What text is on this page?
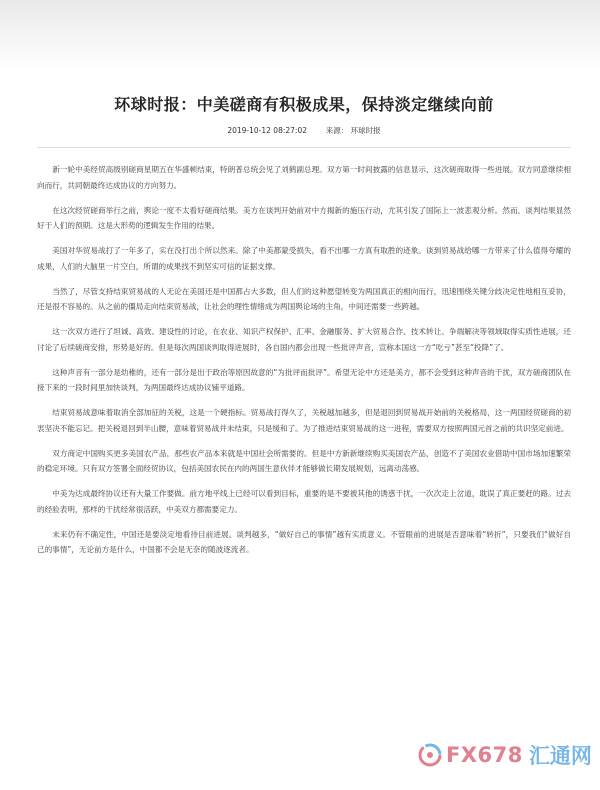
环球时报：中美磋商有积极成果，保持淡定继续向前
2019-10-12 08:27:02	来源： 环球时报

新一轮中美经贸高级别磋商星期五在华盛顿结束，特朗普总统会见了刘鹤副总理。双方第一时间披露的信息显示，这次磋商取得一些进展。双方同意继续相向而行，共同朝最终达成协议的方向努力。

在这次经贸磋商举行之前，舆论一度不太看好磋商结果。美方在谈判开始前对中方揭新的施压行动，尤其引发了国际上一波悲观分析。然而，谈判结果显然好于人们的预期。这是大形势的逻辑发生作用的结果。

美国对华贸易战打了一年多了，实在没打出个所以然来。除了中美都蒙受损失，看不出哪一方真有取胜的迹象。谈到贸易战给哪一方带来了什么值得夸耀的成果，人们的大脑里一片空白，所谓的成果找不到坚实可信的证据支撑。

当然了，尽管支持结束贸易战的人无论在美国还是中国都占大多数，但人们的这种愿望转变为两国真正的相向而行，迅速围绕关键分歧决定性地相互妥协，还是很不容易的。从之前的僵局走向结束贸易战，让社会的理性情绪成为两国舆论场的主角，中间还需要一些跨越。

这一次双方进行了坦诚、高效、建设性的讨论，在农业、知识产权保护、汇率、金融服务、扩大贸易合作、技术转让、争端解决等领域取得实质性进展，还讨论了后续磋商安排，形势是好的。但是每次两国谈判取得进展时，各自国内都会出现一些批评声音，宣称本国这一方“吃亏”甚至“投降”了。

这种声音有一部分是幼稚的，还有一部分是出于政治等原因故意的“为批评而批评”。希望无论中方还是美方，都不会受到这种声音的干扰，双方磋商团队在接下来的一段时间里加快谈判，为两国最终达成协议铺平道路。

结束贸易战意味着取消全部加征的关税，这是一个硬指标。贸易战打得久了，关税越加越多，但是退回到贸易战开始前的关税格局，这一两国经贸磋商的初衷坚决不能忘记。把关税退回到半山腰，意味着贸易战并未结束，只是缓和了。为了推进结束贸易战的这一进程，需要双方按照两国元首之前的共识坚定前进。

双方商定中国购买更多美国农产品，那些农产品本来就是中国社会所需要的。但是中方新新继续购买美国农产品，创造不了美国农业借助中国市场加速繁荣的稳定环境。只有双方签署全面经贸协议，包括美国农民在内的两国生意伙伴才能够做长期发展规划，远离动荡感。

中美为达成最终协议还有大量工作要做。前方地平线上已经可以看到目标，重要的是不要被其他的诱惑干扰，一次次走上岔道，耽误了真正要赶的路。过去的经验表明，那样的干扰经常很活跃，中美双方都需要定力。

未来仍有不确定性，中国还是要淡定地看待目前进展。谈判越多，“做好自己的事情”越有实质意义。不管眼前的进展是否意味着“转折”，只要我们“做好自己的事情”，无论前方是什么，中国都不会是无奈的随波逐流者。

FX678 汇通网
